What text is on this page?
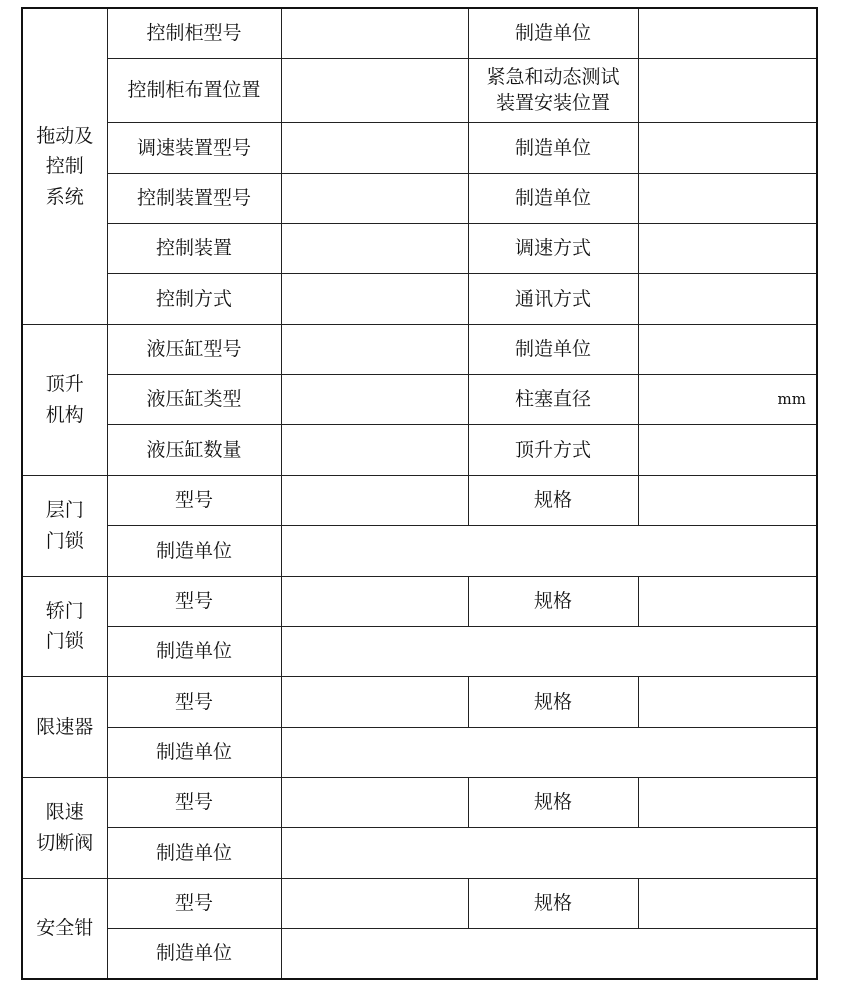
拖动及
控制
系统	控制柜型号		制造单位	
	控制柜布置位置		紧急和动态测试
装置安装位置	
	调速装置型号		制造单位	
	控制装置型号		制造单位	
	控制装置		调速方式	
	控制方式		通讯方式	
顶升
机构	液压缸型号		制造单位	
	液压缸类型		柱塞直径	mm
	液压缸数量		顶升方式	
层门
门锁	型号		规格	
	制造单位			
轿门
门锁	型号		规格	
	制造单位			
限速器	型号		规格	
	制造单位			
限速
切断阀	型号		规格	
	制造单位			
安全钳	型号		规格	
	制造单位			
